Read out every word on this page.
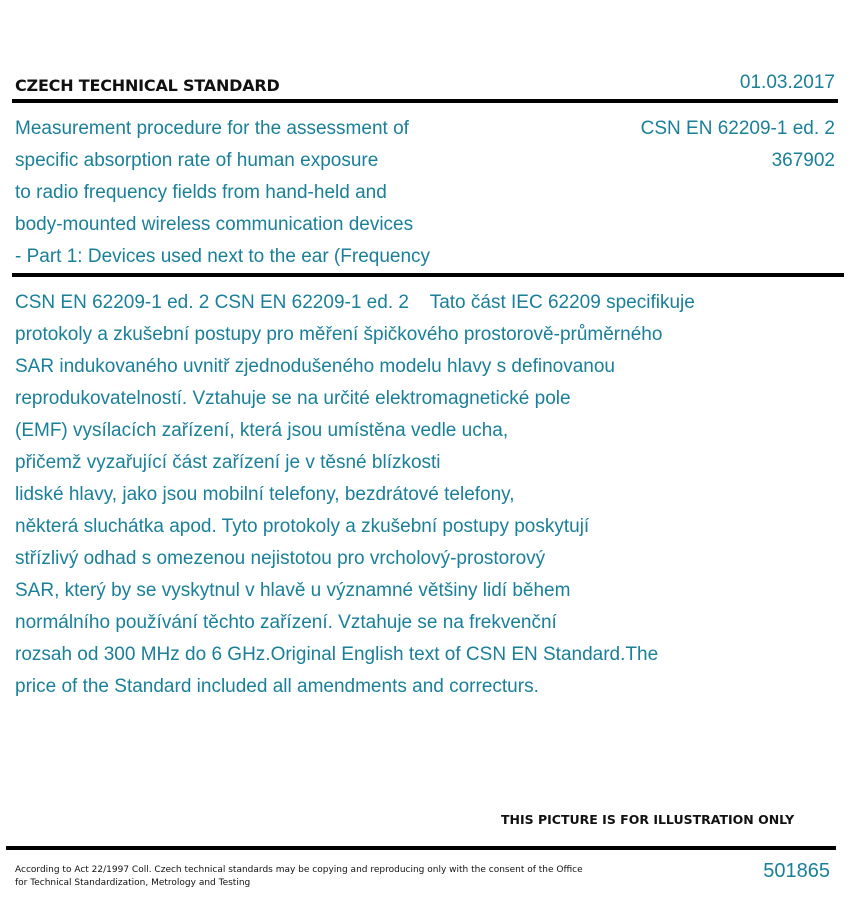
CZECH TECHNICAL STANDARD	01.03.2017
Measurement procedure for the assessment of
specific absorption rate of human exposure
to radio frequency fields from hand-held and
body-mounted wireless communication devices
- Part 1: Devices used next to the ear (Frequency
CSN EN 62209-1 ed. 2
367902
CSN EN 62209-1 ed. 2 CSN EN 62209-1 ed. 2    Tato část IEC 62209 specifikuje
protokoly a zkušební postupy pro měření špičkového prostorově-průměrného
SAR indukovaného uvnitř zjednodušeného modelu hlavy s definovanou
reprodukovatelností. Vztahuje se na určité elektromagnetické pole
(EMF) vysílacích zařízení, která jsou umístěna vedle ucha,
přičemž vyzařující část zařízení je v těsné blízkosti
lidské hlavy, jako jsou mobilní telefony, bezdrátové telefony,
některá sluchátka apod. Tyto protokoly a zkušební postupy poskytují
střízlivý odhad s omezenou nejistotou pro vrcholový-prostorový
SAR, který by se vyskytnul v hlavě u významné většiny lidí během
normálního používání těchto zařízení. Vztahuje se na frekvenční
rozsah od 300 MHz do 6 GHz.Original English text of CSN EN Standard.The
price of the Standard included all amendments and correcturs.
THIS PICTURE IS FOR ILLUSTRATION ONLY
According to Act 22/1997 Coll. Czech technical standards may be copying and reproducing only with the consent of the Office
for Technical Standardization, Metrology and Testing
501865
